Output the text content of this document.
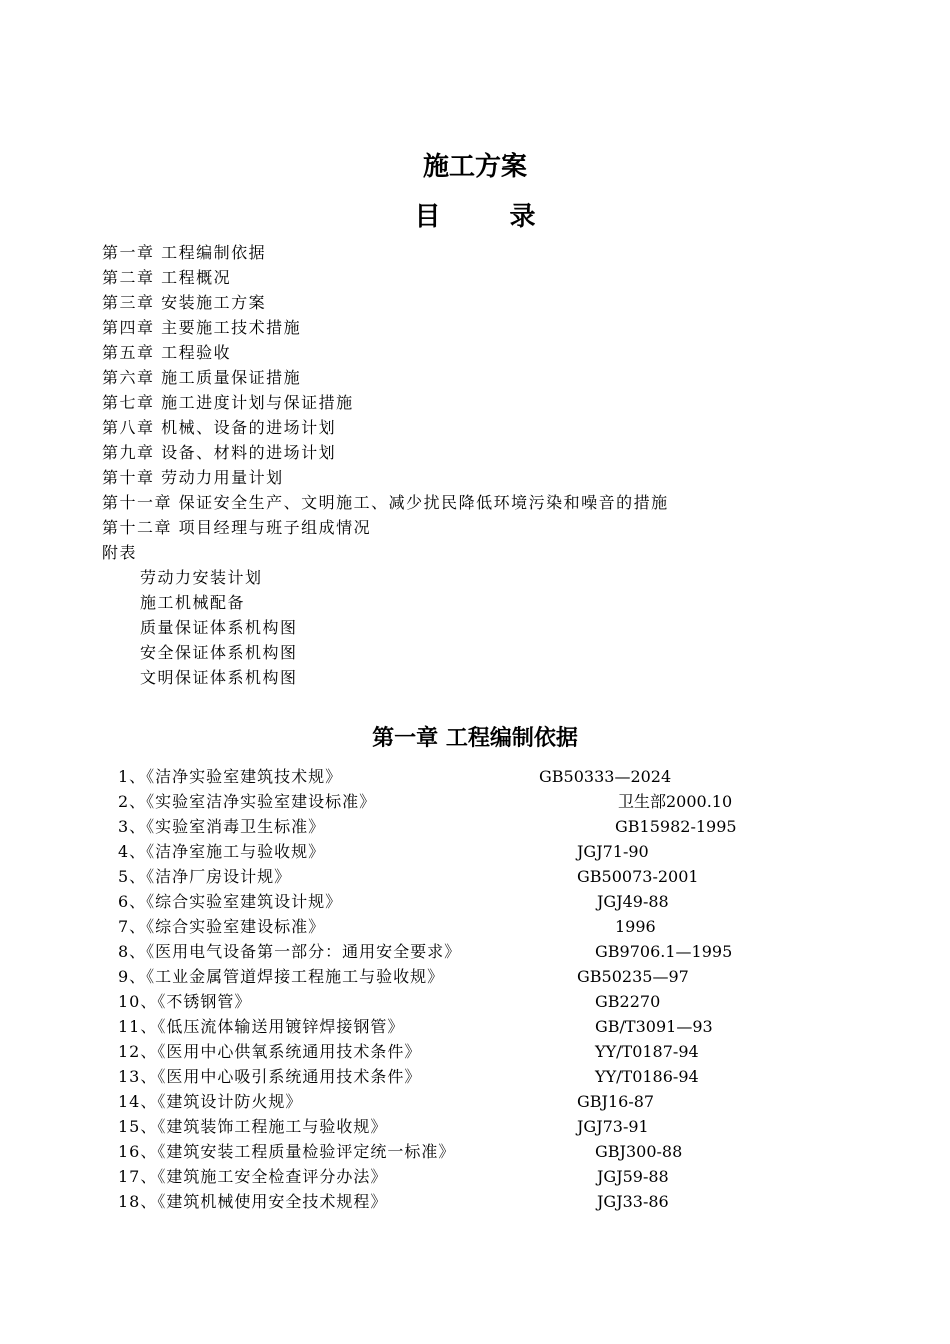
施工方案
目 录
第一章 工程编制依据
第二章 工程概况
第三章 安装施工方案
第四章 主要施工技术措施
第五章 工程验收
第六章 施工质量保证措施
第七章 施工进度计划与保证措施
第八章 机械、设备的进场计划
第九章 设备、材料的进场计划
第十章 劳动力用量计划
第十一章 保证安全生产、文明施工、减少扰民降低环境污染和噪音的措施
第十二章 项目经理与班子组成情况
附表
劳动力安装计划
施工机械配备
质量保证体系机构图
安全保证体系机构图
文明保证体系机构图
第一章 工程编制依据
1、《洁净实验室建筑技术规》	GB50333—2024
2、《实验室洁净实验室建设标准》	卫生部2000.10
3、《实验室消毒卫生标准》	GB15982-1995
4、《洁净室施工与验收规》	JGJ71-90
5、《洁净厂房设计规》	GB50073-2001
6、《综合实验室建筑设计规》	JGJ49-88
7、《综合实验室建设标准》	1996
8、《医用电气设备第一部分：通用安全要求》	GB9706.1—1995
9、《工业金属管道焊接工程施工与验收规》	GB50235—97
10、《不锈钢管》	GB2270
11、《低压流体输送用镀锌焊接钢管》	GB/T3091—93
12、《医用中心供氧系统通用技术条件》	YY/T0187-94
13、《医用中心吸引系统通用技术条件》	YY/T0186-94
14、《建筑设计防火规》	GBJ16-87
15、《建筑装饰工程施工与验收规》	JGJ73-91
16、《建筑安装工程质量检验评定统一标准》	GBJ300-88
17、《建筑施工安全检查评分办法》	JGJ59-88
18、《建筑机械使用安全技术规程》	JGJ33-86
